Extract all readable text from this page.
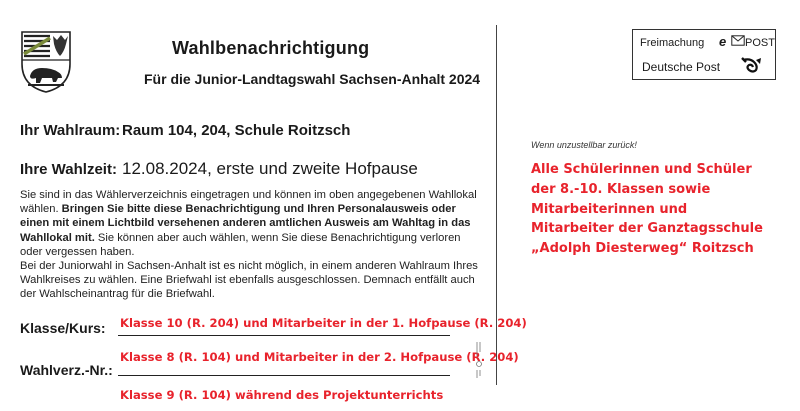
Wahlbenachrichtigung
Für die Junior-Landtagswahl Sachsen-Anhalt 2024
Ihr Wahlraum: Raum 104, 204, Schule Roitzsch
Ihre Wahlzeit: 12.08.2024, erste und zweite Hofpause

Sie sind in das Wählerverzeichnis eingetragen und können im oben angegebenen Wahllokal wählen. Bringen Sie bitte diese Benachrichtigung und Ihren Personalausweis oder einen mit einem Lichtbild versehenen anderen amtlichen Ausweis am Wahltag in das Wahllokal mit. Sie können aber auch wählen, wenn Sie diese Benachrichtigung verloren oder vergessen haben.

Bei der Juniorwahl in Sachsen-Anhalt ist es nicht möglich, in einem anderen Wahlraum Ihres Wahlkreises zu wählen. Eine Briefwahl ist ebenfalls ausgeschlossen. Demnach entfällt auch der Wahlscheinantrag für die Briefwahl.

Klasse/Kurs: Klasse 10 (R. 204) und Mitarbeiter in der 1. Hofpause (R. 204)
Wahlverz.-Nr.:
Klasse 8 (R. 104) und Mitarbeiter in der 2. Hofpause (R. 204)
Klasse 9 (R. 104) während des Projektunterrichts
Freimachung e POST
Deutsche Post
Wenn unzustellbar zurück!
Alle Schülerinnen und Schüler
der 8.-10. Klassen sowie
Mitarbeiterinnen und
Mitarbeiter der Ganztagsschule
„Adolph Diesterweg“ Roitzsch
